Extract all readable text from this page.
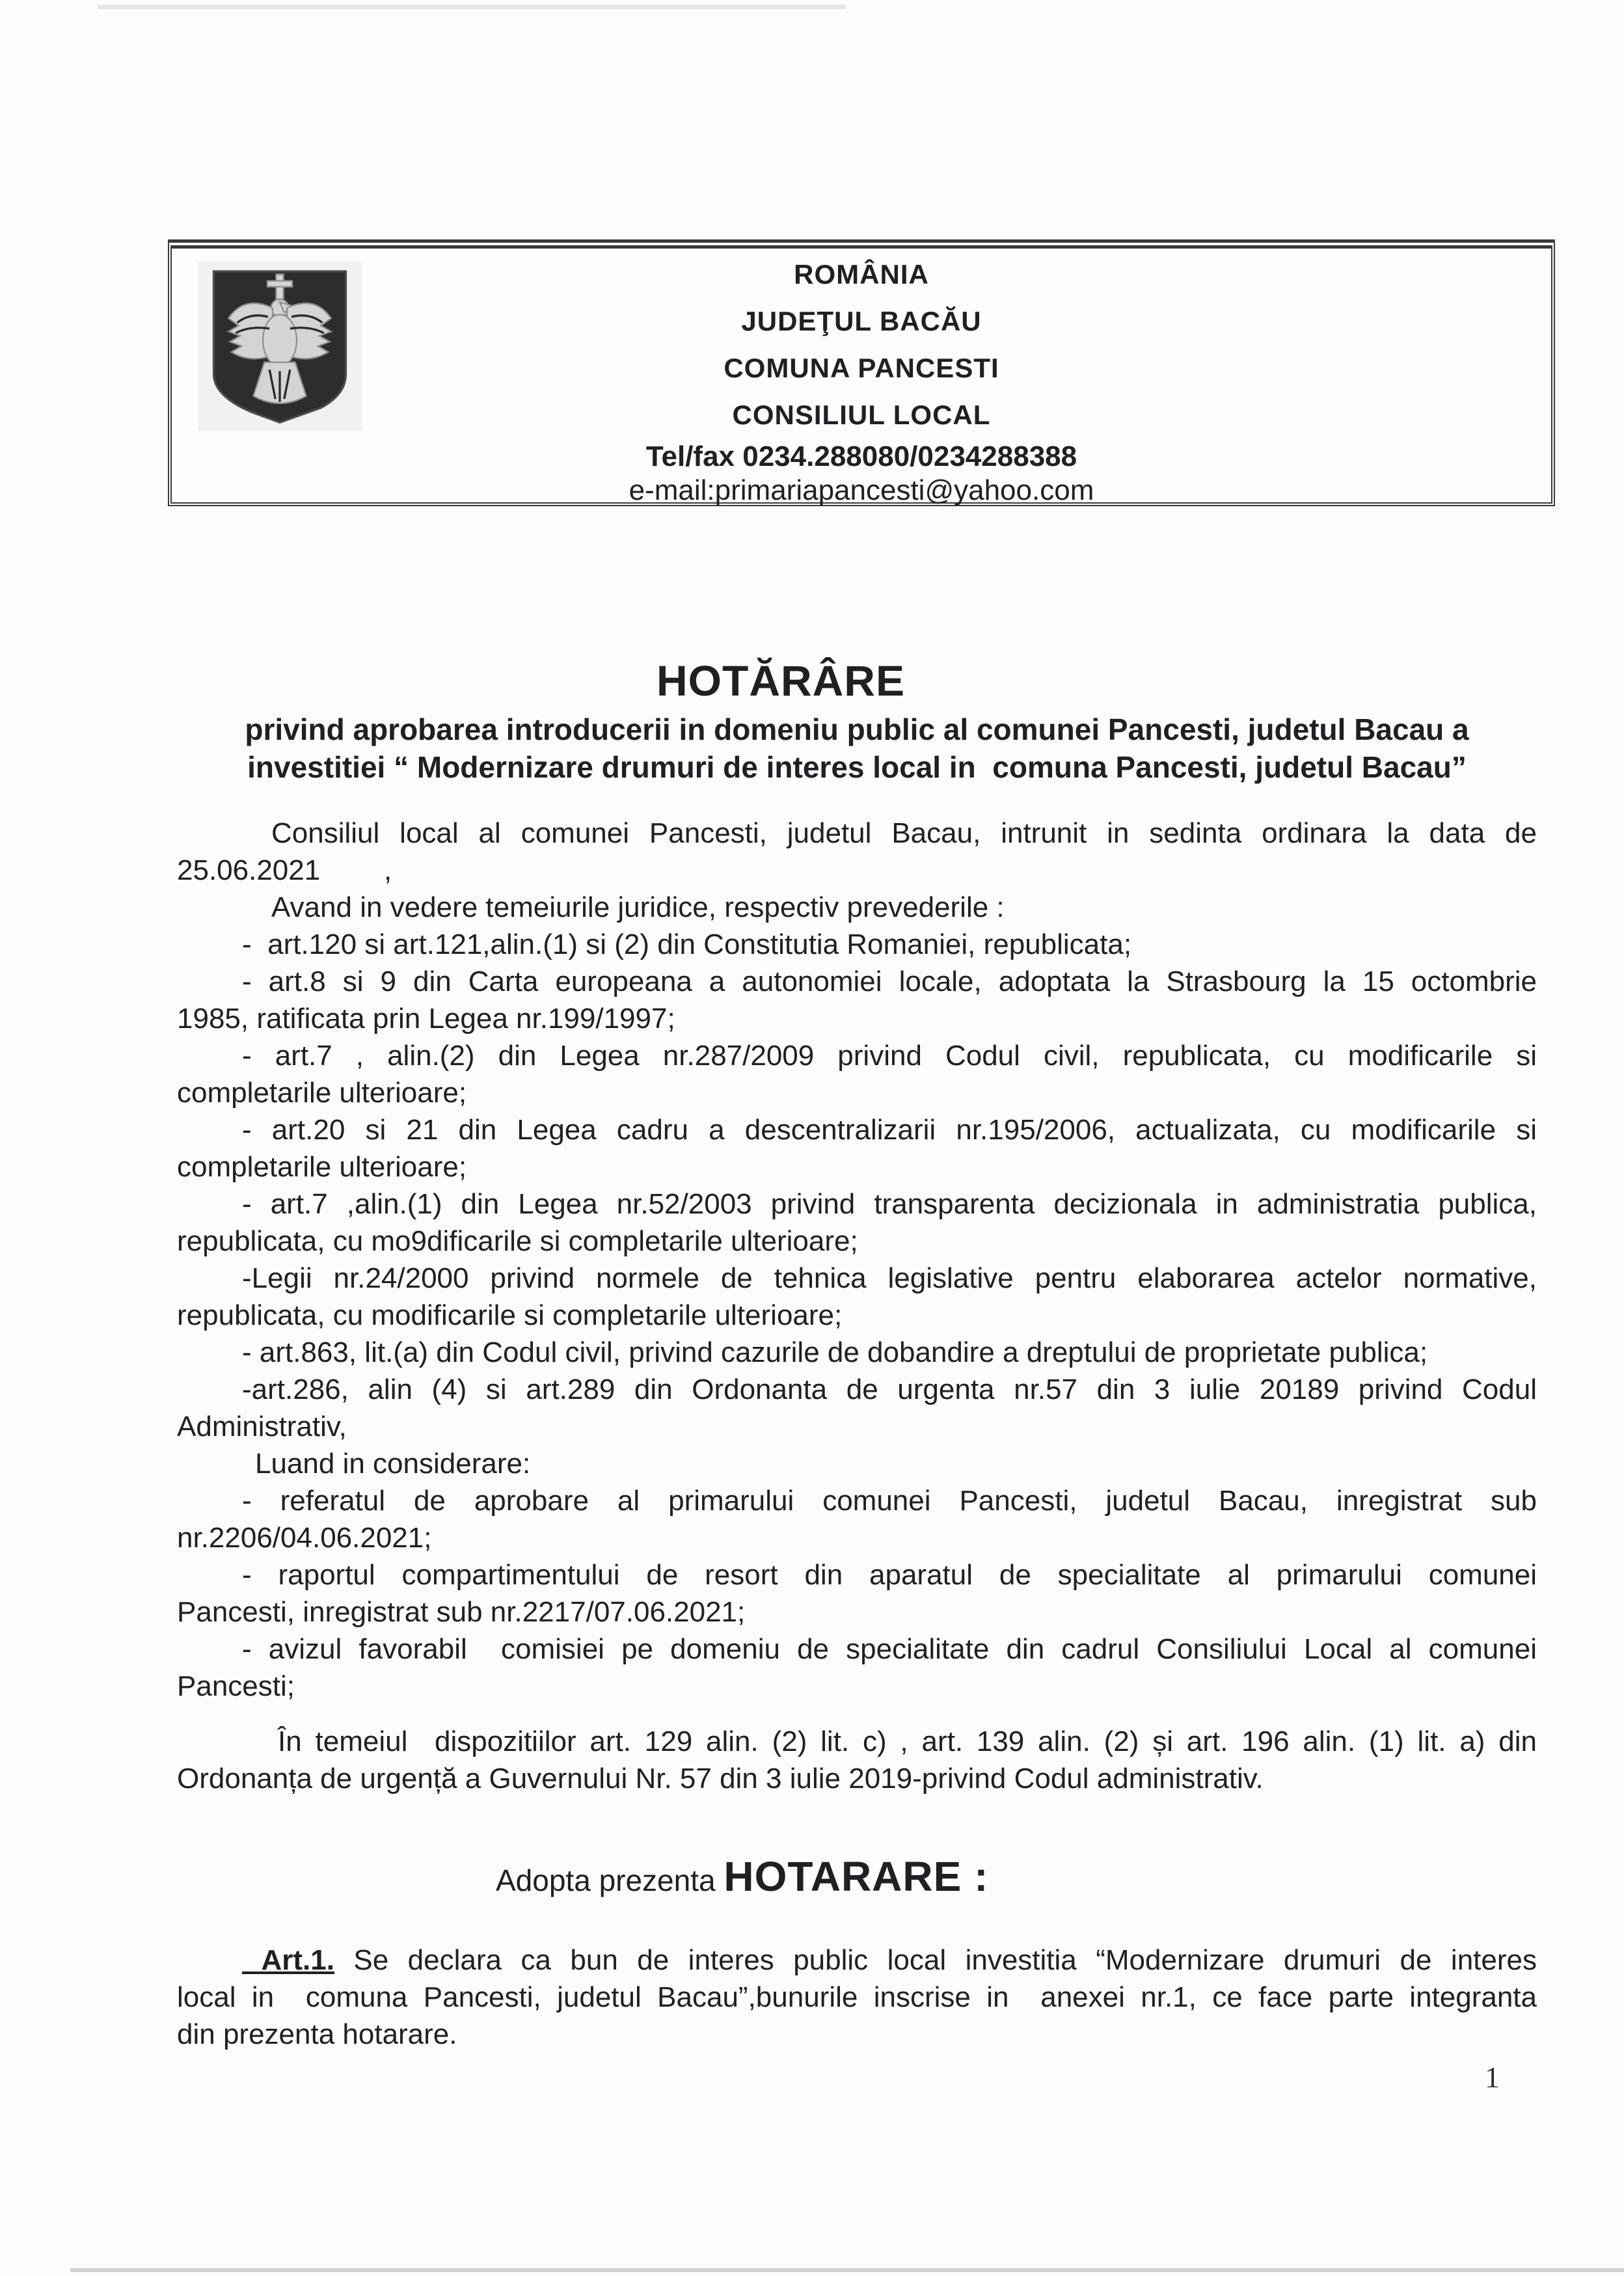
ROMÂNIA
JUDEŢUL BACĂU
COMUNA PANCESTI
CONSILIUL LOCAL
Tel/fax 0234.288080/0234288388
e-mail:primariapancesti@yahoo.com
HOTĂRÂRE
privind aprobarea introducerii in domeniu public al comunei Pancesti, judetul Bacau a
investitiei “ Modernizare drumuri de interes local in  comuna Pancesti, judetul Bacau”
Consiliul local al comunei Pancesti, judetul Bacau, intrunit in sedinta ordinara la data de
25.06.2021        ,
Avand in vedere temeiurile juridice, respectiv prevederile :
-  art.120 si art.121,alin.(1) si (2) din Constitutia Romaniei, republicata;
- art.8 si 9 din Carta europeana a autonomiei locale, adoptata la Strasbourg la 15 octombrie
1985, ratificata prin Legea nr.199/1997;
- art.7 , alin.(2) din Legea nr.287/2009 privind Codul civil, republicata, cu modificarile si
completarile ulterioare;
- art.20 si 21 din Legea cadru a descentralizarii nr.195/2006, actualizata, cu modificarile si
completarile ulterioare;
- art.7 ,alin.(1) din Legea nr.52/2003 privind transparenta decizionala in administratia publica,
republicata, cu mo9dificarile si completarile ulterioare;
-Legii nr.24/2000 privind normele de tehnica legislative pentru elaborarea actelor normative,
republicata, cu modificarile si completarile ulterioare;
- art.863, lit.(a) din Codul civil, privind cazurile de dobandire a dreptului de proprietate publica;
-art.286, alin (4) si art.289 din Ordonanta de urgenta nr.57 din 3 iulie 20189 privind Codul
Administrativ,
Luand in considerare:
- referatul de aprobare al primarului comunei Pancesti, judetul Bacau, inregistrat sub
nr.2206/04.06.2021;
- raportul compartimentului de resort din aparatul de specialitate al primarului comunei
Pancesti, inregistrat sub nr.2217/07.06.2021;
- avizul favorabil  comisiei pe domeniu de specialitate din cadrul Consiliului Local al comunei
Pancesti;
În temeiul  dispozitiilor art. 129 alin. (2) lit. c) , art. 139 alin. (2) și art. 196 alin. (1) lit. a) din
Ordonanța de urgență a Guvernului Nr. 57 din 3 iulie 2019-privind Codul administrativ.
Adopta prezenta HOTARARE :
Art.1. Se declara ca bun de interes public local investitia “Modernizare drumuri de interes
local in  comuna Pancesti, judetul Bacau”,bunurile inscrise in  anexei nr.1, ce face parte integranta
din prezenta hotarare.
1
